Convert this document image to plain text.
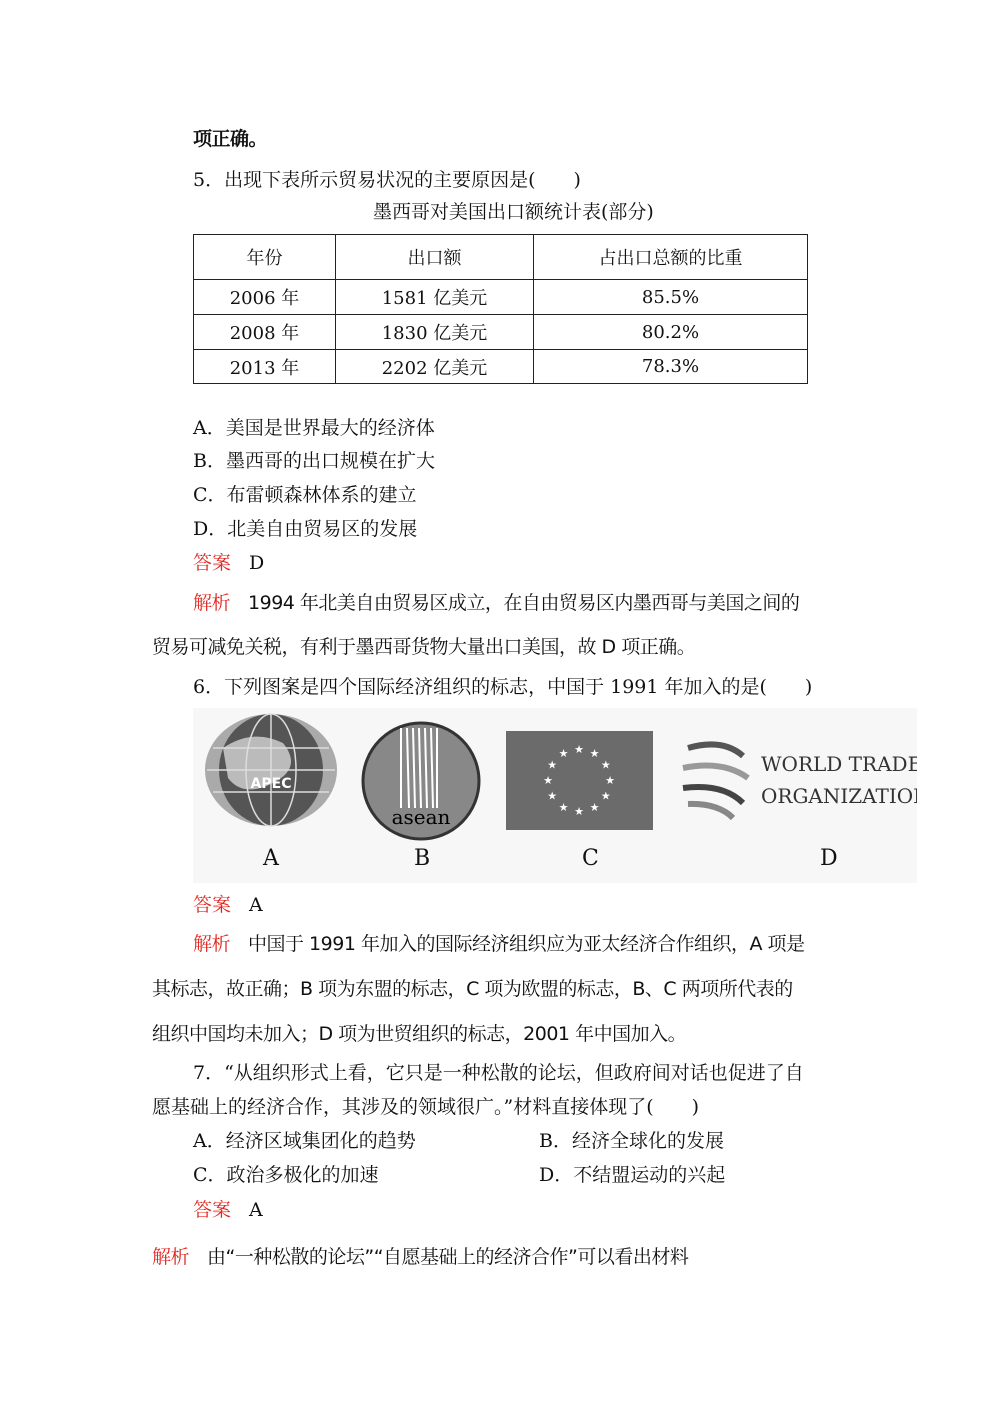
项正确。
5．出现下表所示贸易状况的主要原因是(　　)
墨西哥对美国出口额统计表(部分)
年份	出口额	占出口总额的比重
2006 年	1581 亿美元	85.5%
2008 年	1830 亿美元	80.2%
2013 年	2202 亿美元	78.3%
A．美国是世界最大的经济体
B．墨西哥的出口规模在扩大
C．布雷顿森林体系的建立
D．北美自由贸易区的发展
答案 D
解析 1994 年北美自由贸易区成立，在自由贸易区内墨西哥与美国之间的
贸易可减免关税，有利于墨西哥货物大量出口美国，故 D 项正确。
6．下列图案是四个国际经济组织的标志，中国于 1991 年加入的是(　　)
APEC
asean
★ ★
★
★
★
★
★
★
★
★
★
★	WORLD TRADE
ORGANIZATION
A	B	C	D
答案 A
解析 中国于 1991 年加入的国际经济组织应为亚太经济合作组织，A 项是
其标志，故正确；B 项为东盟的标志，C 项为欧盟的标志，B、C 两项所代表的
组织中国均未加入；D 项为世贸组织的标志，2001 年中国加入。
7．“从组织形式上看，它只是一种松散的论坛，但政府间对话也促进了自
愿基础上的经济合作，其涉及的领域很广。”材料直接体现了(　　)
A．经济区域集团化的趋势	B．经济全球化的发展
C．政治多极化的加速	D．不结盟运动的兴起
答案 A
解析 由“一种松散的论坛”“自愿基础上的经济合作”可以看出材料
